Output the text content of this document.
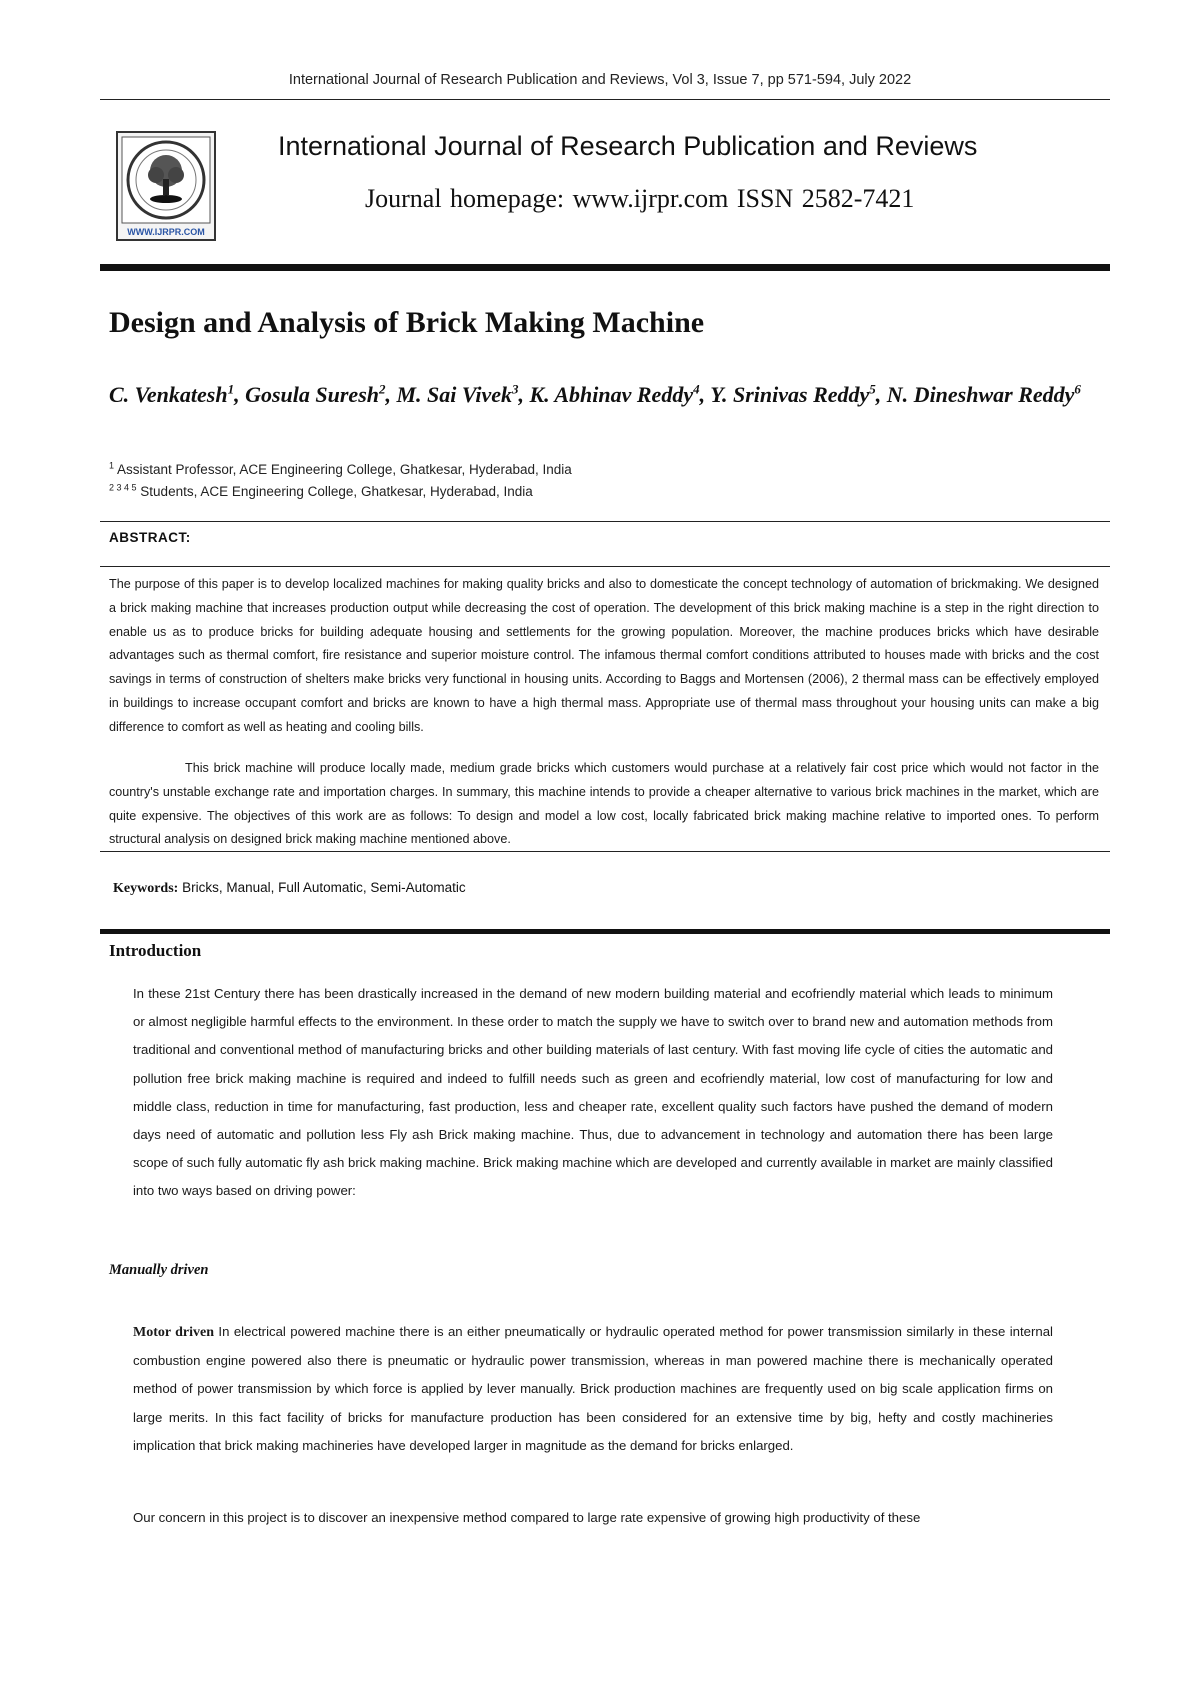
International Journal of Research Publication and Reviews, Vol 3, Issue 7, pp 571-594, July 2022
WWW.IJRPR.COM
International Journal of Research Publication and Reviews
Journal homepage: www.ijrpr.com ISSN 2582-7421
Design and Analysis of Brick Making Machine
C. Venkatesh$^1$, Gosula Suresh$^2$, M. Sai Vivek$^3$, K. Abhinav Reddy$^4$, Y. Srinivas Reddy$^5$, N. Dineshwar Reddy$^6$
$^1$ Assistant Professor, ACE Engineering College, Ghatkesar, Hyderabad, India
$^{2 3 4 5}$ Students, ACE Engineering College, Ghatkesar, Hyderabad, India
ABSTRACT:
The purpose of this paper is to develop localized machines for making quality bricks and also to domesticate the concept technology of automation of brickmaking. We designed a brick making machine that increases production output while decreasing the cost of operation. The development of this brick making machine is a step in the right direction to enable us as to produce bricks for building adequate housing and settlements for the growing population. Moreover, the machine produces bricks which have desirable advantages such as thermal comfort, fire resistance and superior moisture control. The infamous thermal comfort conditions attributed to houses made with bricks and the cost savings in terms of construction of shelters make bricks very functional in housing units. According to Baggs and Mortensen (2006), 2 thermal mass can be effectively employed in buildings to increase occupant comfort and bricks are known to have a high thermal mass. Appropriate use of thermal mass throughout your housing units can make a big difference to comfort as well as heating and cooling bills.
This brick machine will produce locally made, medium grade bricks which customers would purchase at a relatively fair cost price which would not factor in the country's unstable exchange rate and importation charges. In summary, this machine intends to provide a cheaper alternative to various brick machines in the market, which are quite expensive. The objectives of this work are as follows: To design and model a low cost, locally fabricated brick making machine relative to imported ones. To perform structural analysis on designed brick making machine mentioned above.
Keywords: Bricks, Manual, Full Automatic, Semi-Automatic
Introduction
In these 21st Century there has been drastically increased in the demand of new modern building material and ecofriendly material which leads to minimum or almost negligible harmful effects to the environment. In these order to match the supply we have to switch over to brand new and automation methods from traditional and conventional method of manufacturing bricks and other building materials of last century. With fast moving life cycle of cities the automatic and pollution free brick making machine is required and indeed to fulfill needs such as green and ecofriendly material, low cost of manufacturing for low and middle class, reduction in time for manufacturing, fast production, less and cheaper rate, excellent quality such factors have pushed the demand of modern days need of automatic and pollution less Fly ash Brick making machine. Thus, due to advancement in technology and automation there has been large scope of such fully automatic fly ash brick making machine. Brick making machine which are developed and currently available in market are mainly classified into two ways based on driving power:
Manually driven
Motor driven In electrical powered machine there is an either pneumatically or hydraulic operated method for power transmission similarly in these internal combustion engine powered also there is pneumatic or hydraulic power transmission, whereas in man powered machine there is mechanically operated method of power transmission by which force is applied by lever manually. Brick production machines are frequently used on big scale application firms on large merits. In this fact facility of bricks for manufacture production has been considered for an extensive time by big, hefty and costly machineries implication that brick making machineries have developed larger in magnitude as the demand for bricks enlarged.
Our concern in this project is to discover an inexpensive method compared to large rate expensive of growing high productivity of these
